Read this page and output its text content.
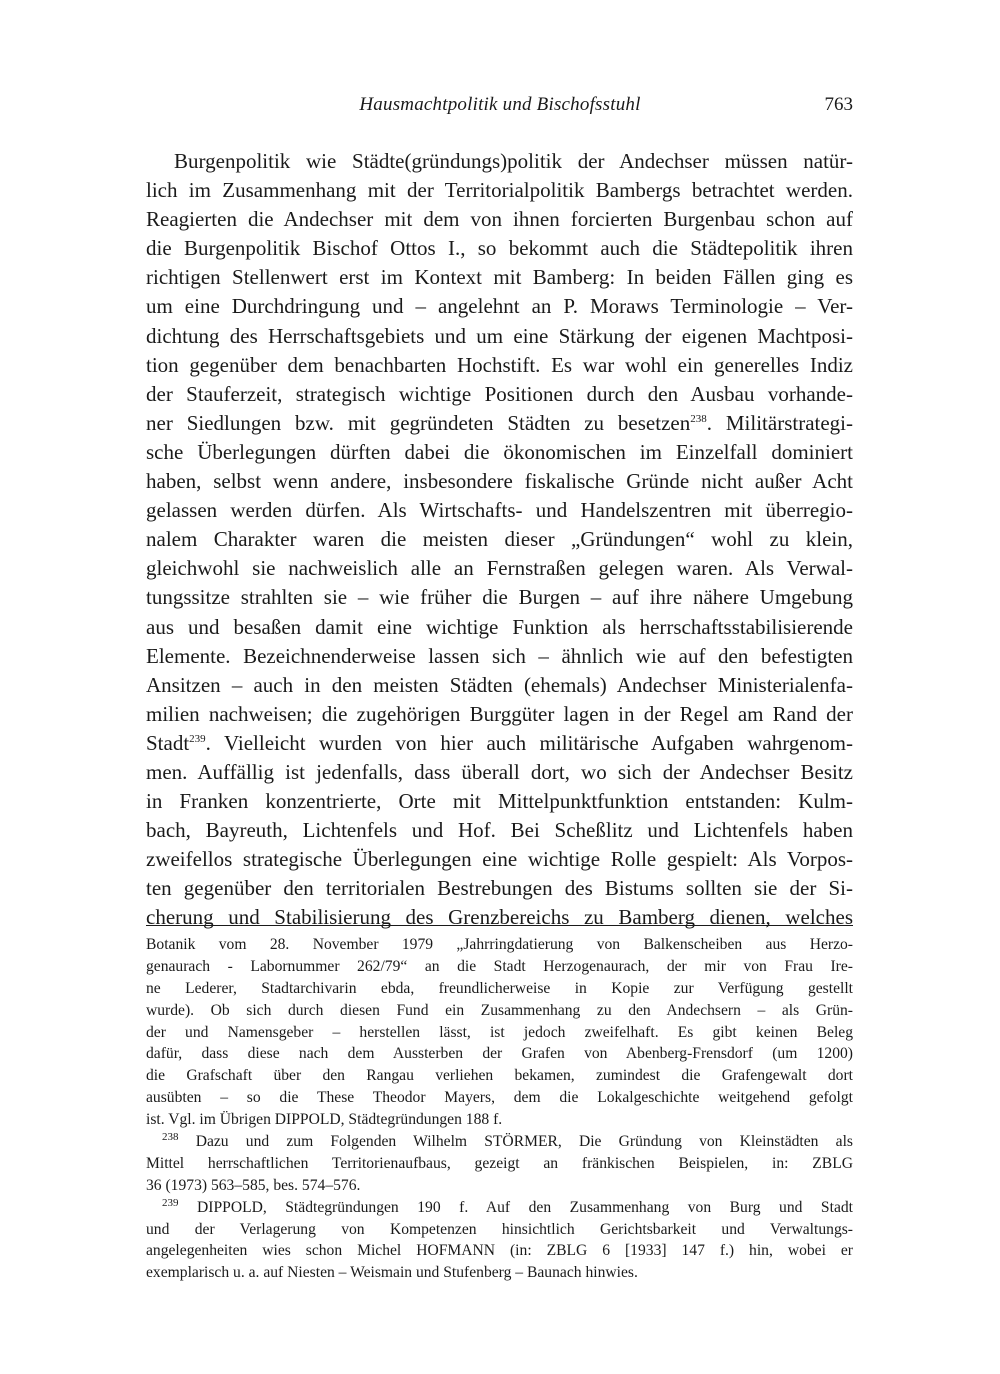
Hausmachtpolitik und Bischofsstuhl	763
Burgenpolitik wie Städte(gründungs)politik der Andechser müssen natür-
lich im Zusammenhang mit der Territorialpolitik Bambergs betrachtet werden.
Reagierten die Andechser mit dem von ihnen forcierten Burgenbau schon auf
die Burgenpolitik Bischof Ottos I., so bekommt auch die Städtepolitik ihren
richtigen Stellenwert erst im Kontext mit Bamberg: In beiden Fällen ging es
um eine Durchdringung und – angelehnt an P. Moraws Terminologie – Ver-
dichtung des Herrschaftsgebiets und um eine Stärkung der eigenen Machtposi-
tion gegenüber dem benachbarten Hochstift. Es war wohl ein generelles Indiz
der Stauferzeit, strategisch wichtige Positionen durch den Ausbau vorhande-
ner Siedlungen bzw. mit gegründeten Städten zu besetzen$^{238}$. Militärstrategi-
sche Überlegungen dürften dabei die ökonomischen im Einzelfall dominiert
haben, selbst wenn andere, insbesondere fiskalische Gründe nicht außer Acht
gelassen werden dürfen. Als Wirtschafts- und Handelszentren mit überregio-
nalem Charakter waren die meisten dieser „Gründungen“ wohl zu klein,
gleichwohl sie nachweislich alle an Fernstraßen gelegen waren. Als Verwal-
tungssitze strahlten sie – wie früher die Burgen – auf ihre nähere Umgebung
aus und besaßen damit eine wichtige Funktion als herrschaftsstabilisierende
Elemente. Bezeichnenderweise lassen sich – ähnlich wie auf den befestigten
Ansitzen – auch in den meisten Städten (ehemals) Andechser Ministerialenfa-
milien nachweisen; die zugehörigen Burggüter lagen in der Regel am Rand der
Stadt$^{239}$. Vielleicht wurden von hier auch militärische Aufgaben wahrgenom-
men. Auffällig ist jedenfalls, dass überall dort, wo sich der Andechser Besitz
in Franken konzentrierte, Orte mit Mittelpunktfunktion entstanden: Kulm-
bach, Bayreuth, Lichtenfels und Hof. Bei Scheßlitz und Lichtenfels haben
zweifellos strategische Überlegungen eine wichtige Rolle gespielt: Als Vorpos-
ten gegenüber den territorialen Bestrebungen des Bistums sollten sie der Si-
cherung und Stabilisierung des Grenzbereichs zu Bamberg dienen, welches
Botanik vom 28. November 1979 „Jahrringdatierung von Balkenscheiben aus Herzo-
genaurach - Labornummer 262/79“ an die Stadt Herzogenaurach, der mir von Frau Ire-
ne Lederer, Stadtarchivarin ebda, freundlicherweise in Kopie zur Verfügung gestellt
wurde). Ob sich durch diesen Fund ein Zusammenhang zu den Andechsern – als Grün-
der und Namensgeber – herstellen lässt, ist jedoch zweifelhaft. Es gibt keinen Beleg
dafür, dass diese nach dem Aussterben der Grafen von Abenberg-Frensdorf (um 1200)
die Grafschaft über den Rangau verliehen bekamen, zumindest die Grafengewalt dort
ausübten – so die These Theodor Mayers, dem die Lokalgeschichte weitgehend gefolgt
ist. Vgl. im Übrigen DIPPOLD, Städtegründungen 188 f.
$^{238}$ Dazu und zum Folgenden Wilhelm STÖRMER, Die Gründung von Kleinstädten als
Mittel herrschaftlichen Territorienaufbaus, gezeigt an fränkischen Beispielen, in: ZBLG
36 (1973) 563–585, bes. 574–576.
$^{239}$ DIPPOLD, Städtegründungen 190 f. Auf den Zusammenhang von Burg und Stadt
und der Verlagerung von Kompetenzen hinsichtlich Gerichtsbarkeit und Verwaltungs-
angelegenheiten wies schon Michel HOFMANN (in: ZBLG 6 [1933] 147 f.) hin, wobei er
exemplarisch u. a. auf Niesten – Weismain und Stufenberg – Baunach hinwies.
